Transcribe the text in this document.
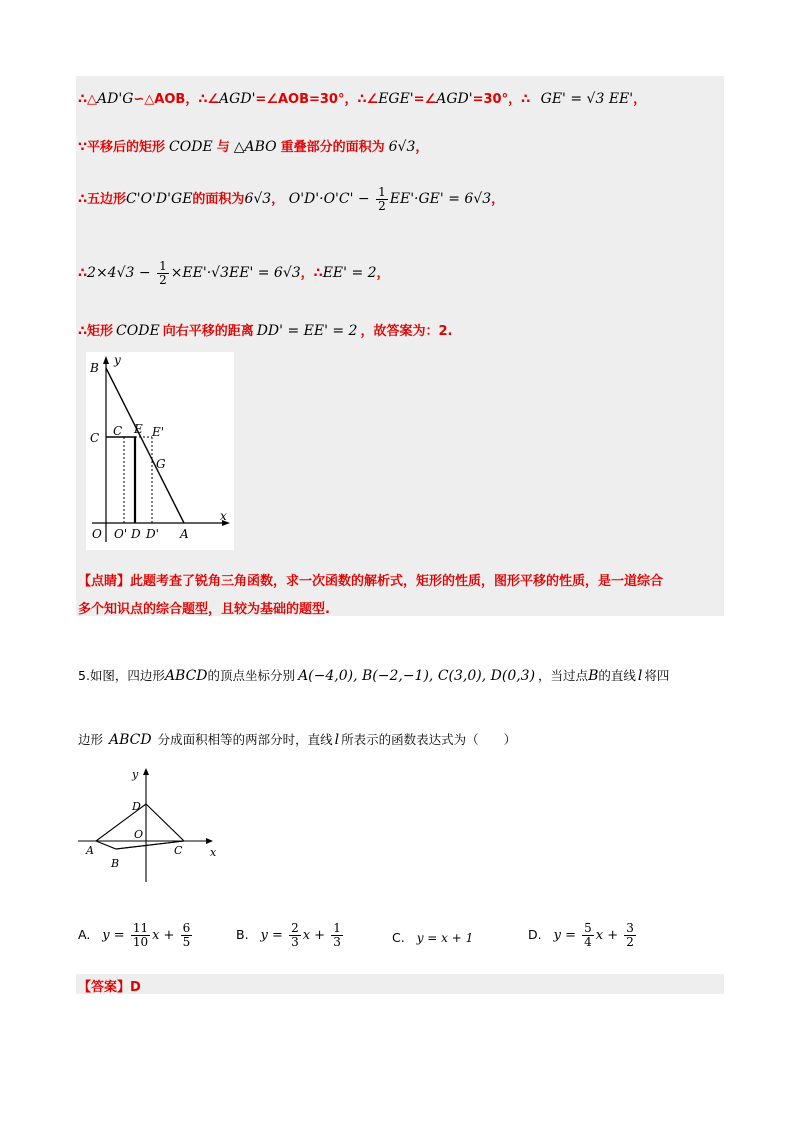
∴△AD'G∽△AOB，∴∠AGD'=∠AOB=30°，∴∠EGE'=∠AGD'=30°，∴ GE' = √3 EE'，
∵平移后的矩形 CODE 与 △ABO 重叠部分的面积为 6√3，
∴五边形C'O'D'GE的面积为6√3， $O'D'\cdot O'C' - \frac{1}{2} EE'\cdot GE' = 6√3$，
∴2×4√3 − $\frac{1}{2} \times EE'\cdot√3EE' = 6√3$，∴EE' = 2，
∴矩形 CODE 向右平移的距离 DD' = EE' = 2 ，故答案为：2.
y
x
B
C
O O' D D' A
C E E'
G
【点睛】此题考查了锐角三角函数，求一次函数的解析式，矩形的性质，图形平移的性质，是一道综合
多个知识点的综合题型，且较为基础的题型.
5.如图，四边形ABCD的顶点坐标分别 A(−4,0), B(−2,−1), C(3,0), D(0,3) ，当过点B的直线 l 将四
边形 ABCD 分成面积相等的两部分时，直线 l 所表示的函数表达式为（　　）
y
x
D
O
A
B
C
A. $y = \frac{11}{10}$ $x + \frac{6}{5}$	B. $y = \frac{2}{3}$ $x + \frac{1}{3}$	C. y = x + 1	D. $y = \frac{5}{4}$ $x + \frac{3}{2}$
【答案】D
